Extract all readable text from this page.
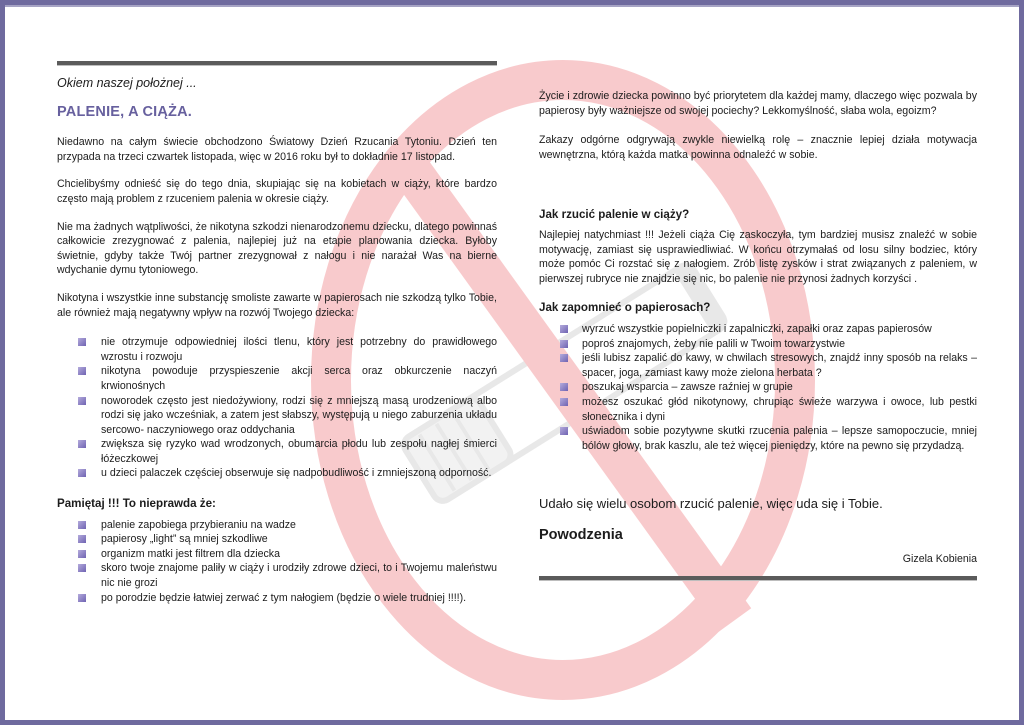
Okiem naszej położnej ...
PALENIE, A CIĄŻA.

Niedawno na całym świecie obchodzono Światowy Dzień Rzucania Tytoniu. Dzień ten przypada na trzeci czwartek listopada, więc w 2016 roku był to dokładnie 17 listopad.

Chcielibyśmy odnieść się do tego dnia, skupiając się na kobietach w ciąży, które bardzo często mają problem z rzuceniem palenia w okresie ciąży.

Nie ma żadnych wątpliwości, że nikotyna szkodzi nienarodzonemu dziecku, dlatego powinnaś całkowicie zrezygnować z palenia, najlepiej już na etapie planowania dziecka. Byłoby świetnie, gdyby także Twój partner zrezygnował z nałogu i nie narażał Was na bierne wdychanie dymu tytoniowego.

Nikotyna i wszystkie inne substancję smoliste zawarte w papierosach nie szkodzą tylko Tobie, ale również mają negatywny wpływ na rozwój Twojego dziecka:

nie otrzymuje odpowiedniej ilości tlenu, który jest potrzebny do prawidłowego wzrostu i rozwoju
nikotyna powoduje przyspieszenie akcji serca oraz obkurczenie naczyń krwionośnych
noworodek często jest niedożywiony, rodzi się z mniejszą masą urodzeniową albo rodzi się jako wcześniak, a zatem jest słabszy, występują u niego zaburzenia układu sercowo- naczyniowego oraz oddychania
zwiększa się ryzyko wad wrodzonych, obumarcia płodu lub zespołu nagłej śmierci łóżeczkowej
u dzieci palaczek częściej obserwuje się nadpobudliwość i zmniejszoną odporność.
Pamiętaj !!! To nieprawda że:
palenie zapobiega przybieraniu na wadze
papierosy „light” są mniej szkodliwe
organizm matki jest filtrem dla dziecka
skoro twoje znajome paliły w ciąży i urodziły zdrowe dzieci, to i Twojemu maleństwu nic nie grozi
po porodzie będzie łatwiej zerwać z tym nałogiem (będzie o wiele trudniej !!!!).

Życie i zdrowie dziecka powinno być priorytetem dla każdej mamy, dlaczego więc pozwala by papierosy były ważniejsze od swojej pociechy? Lekkomyślność, słaba wola, egoizm?

Zakazy odgórne odgrywają zwykle niewielką rolę – znacznie lepiej działa motywacja wewnętrzna, którą każda matka powinna odnaleźć w sobie.

Jak rzucić palenie w ciąży?

Najlepiej natychmiast !!! Jeżeli ciąża Cię zaskoczyła, tym bardziej musisz znaleźć w sobie motywację, zamiast się usprawiedliwiać. W końcu otrzymałaś od losu silny bodziec, który może pomóc Ci rozstać się z nałogiem. Zrób listę zysków i strat związanych z paleniem, w pierwszej rubryce nie znajdzie się nic, bo palenie nie przynosi żadnych korzyści .

Jak zapomnieć o papierosach?
wyrzuć wszystkie popielniczki i zapalniczki, zapałki oraz zapas papierosów
poproś znajomych, żeby nie palili w Twoim towarzystwie
jeśli lubisz zapalić do kawy, w chwilach stresowych, znajdź inny sposób na relaks – spacer, joga, zamiast kawy może zielona herbata ?
poszukaj wsparcia – zawsze raźniej w grupie
możesz oszukać głód nikotynowy, chrupiąc świeże warzywa i owoce, lub pestki słonecznika i dyni
uświadom sobie pozytywne skutki rzucenia palenia – lepsze samopoczucie, mniej bólów głowy, brak kaszlu, ale też więcej pieniędzy, które na pewno się przydadzą.
Udało się wielu osobom rzucić palenie, więc uda się i Tobie.
Powodzenia
Gizela Kobienia
